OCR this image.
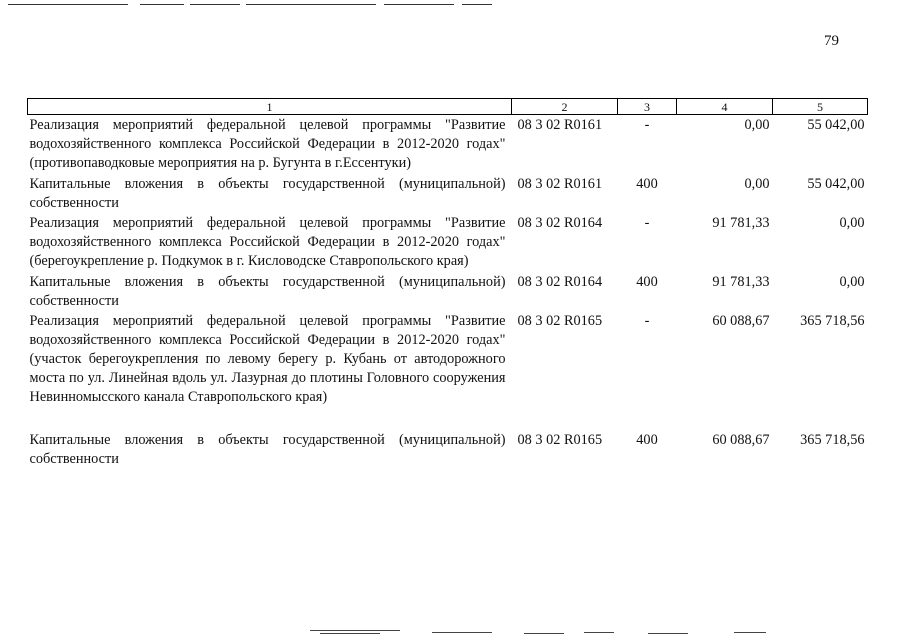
79
1	2	3	4	5
Реализация мероприятий федеральной целевой программы "Развитие водохозяйственного комплекса Российской Федерации в 2012-2020 годах" (противопаводковые мероприятия на р. Бугунта в г.Ессентуки)	08 3 02 R0161	-	0,00	55 042,00
Капитальные вложения в объекты государственной (муниципальной) собственности	08 3 02 R0161	400	0,00	55 042,00
Реализация мероприятий федеральной целевой программы "Развитие водохозяйственного комплекса Российской Федерации в 2012-2020 годах" (берегоукрепление р. Подкумок в г. Кисловодске Ставропольского края)	08 3 02 R0164	-	91 781,33	0,00
Капитальные вложения в объекты государственной (муниципальной) собственности	08 3 02 R0164	400	91 781,33	0,00
Реализация мероприятий федеральной целевой программы "Развитие водохозяйственного комплекса Российской Федерации в 2012-2020 годах" (участок берегоукрепления по левому берегу р. Кубань от автодорожного моста по ул. Линейная вдоль ул. Лазурная до плотины Головного сооружения Невинномысского канала Ставропольского края)	08 3 02 R0165	-	60 088,67	365 718,56
Капитальные вложения в объекты государственной (муниципальной) собственности	08 3 02 R0165	400	60 088,67	365 718,56
